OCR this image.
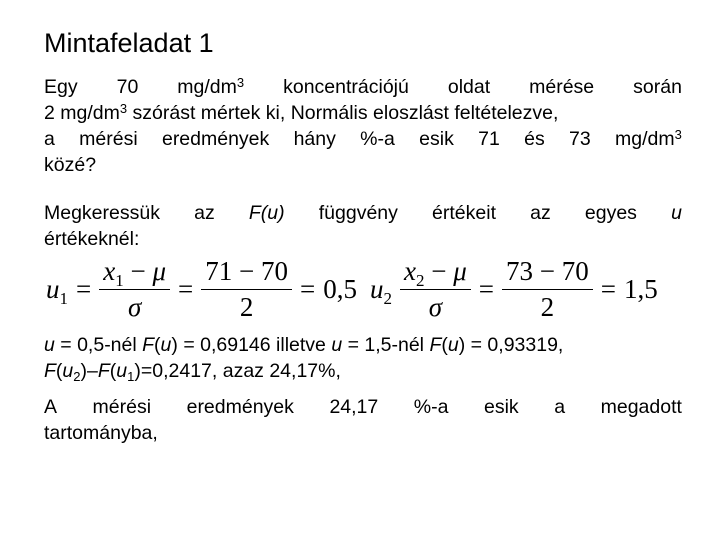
Mintafeladat 1
Egy 70 $mg/dm^3$ koncentrációjú oldat mérése során
2 $mg/dm^3$ szórást mértek ki, Normális eloszlást feltételezve,
a mérési eredmények hány %-a esik 71 és 73 $mg/dm^3$
közé?
Megkeressük az F(u) függvény értékeit az egyes u
értékeknél:
$u_1 = \frac{x_1 - \mu}{\sigma} = \frac{71 - 70}{2} = 0,5$ $u_2 \frac{x_2 - \mu}{\sigma} = \frac{73 - 70}{2} = 1,5$
u = 0,5-nél F(u) = 0,69146 illetve u = 1,5-nél F(u) = 0,93319,
$F(u_2)-F(u_1)=0,2417$, azaz 24,17%,
A mérési eredmények 24,17 %-a esik a megadott
tartományba,
